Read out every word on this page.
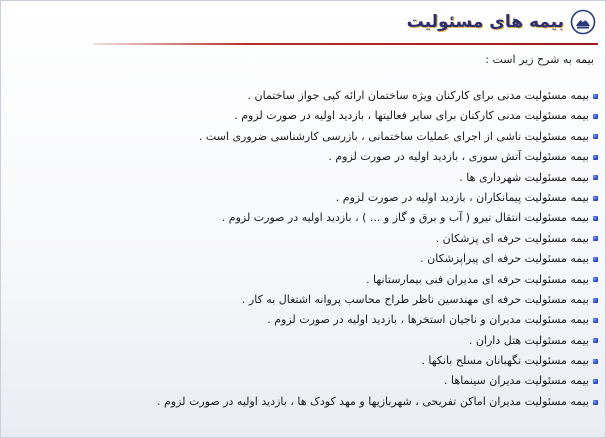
بیمه های مسئولیت
بیمه به شرح زیر است :
بیمه مسئولیت مدنی برای کارکنان ویژه ساختمان ارائه کپی جواز ساختمان .
بیمه مسئولیت مدنی کارکنان برای سایر فعالیتها ، بازدید اولیه در صورت لزوم .
بیمه مسئولیت ناشی از اجرای عملیات ساختمانی ، بازرسی کارشناسی ضروری است .
بیمه مسئولیت آتش سوزی ، بازدید اولیه در صورت لزوم .
بیمه مسئولیت شهرداری ها .
بیمه مسئولیت پیمانکاران ، بازدید اولیه در صورت لزوم .
بیمه مسئولیت انتقال نیرو ( آب و برق و گاز و ... ) ، بازدید اولیه در صورت لزوم .
بیمه مسئولیت حرفه ای پزشکان .
بیمه مسئولیت حرفه ای پیراپزشکان .
بیمه مسئولیت حرفه ای مدیران فنی بیمارستانها .
بیمه مسئولیت حرفه ای مهندسین ناظر طراح محاسب پروانه اشتغال به کار .
بیمه مسئولیت مدیران و ناجیان استخرها ، بازدید اولیه در صورت لزوم .
بیمه مسئولیت هتل داران .
بیمه مسئولیت نگهبانان مسلح بانکها .
بیمه مسئولیت مدیران سینماها .
بیمه مسئولیت مدیران اماکن تفریحی ، شهربازیها و مهد کودک ها ، بازدید اولیه در صورت لزوم .
